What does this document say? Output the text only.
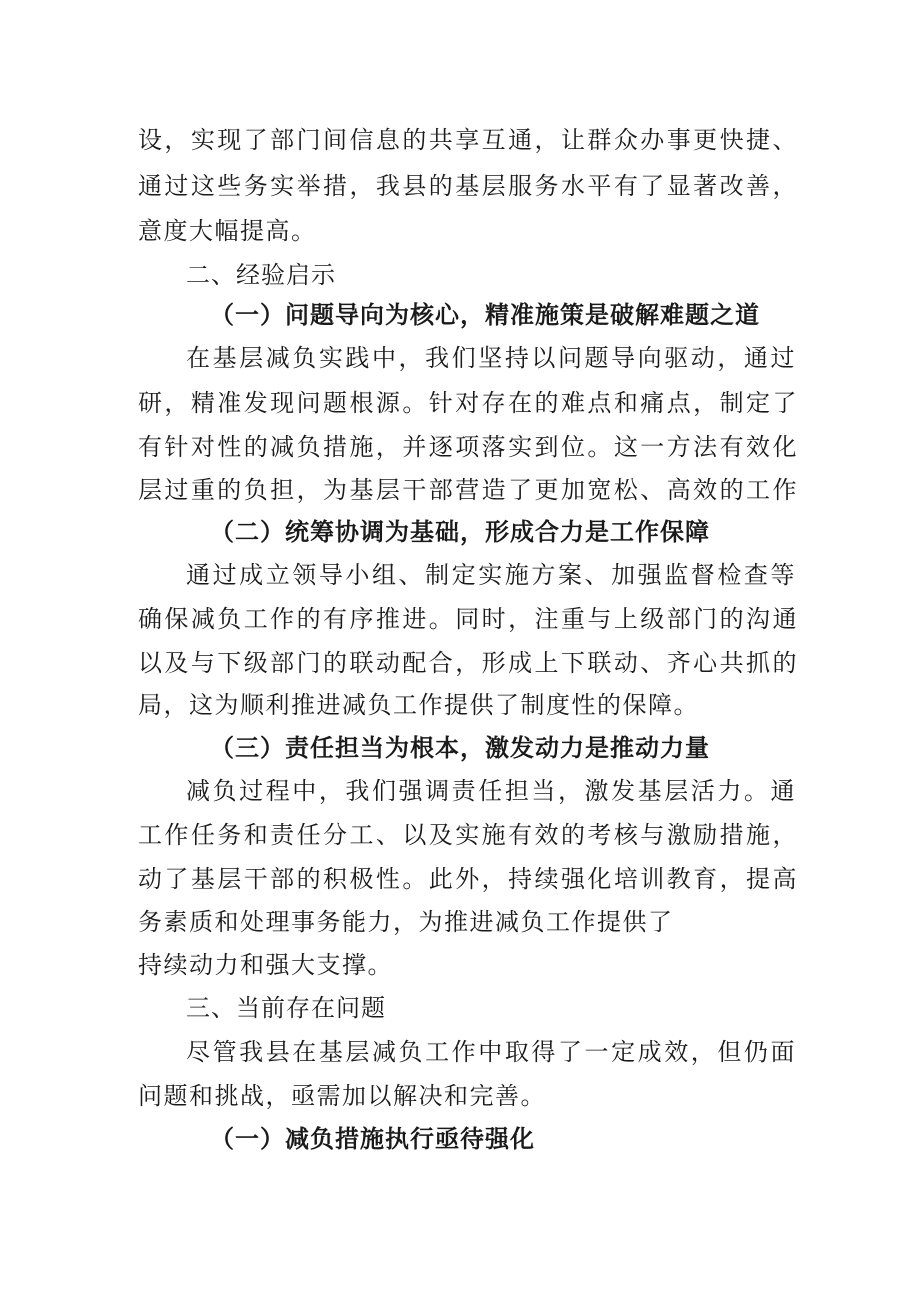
设，实现了部门间信息的共享互通，让群众办事更快捷、
通过这些务实举措，我县的基层服务水平有了显著改善，
意度大幅提高。
二、经验启示
（一）问题导向为核心，精准施策是破解难题之道
在基层减负实践中，我们坚持以问题导向驱动，通过
研，精准发现问题根源。针对存在的难点和痛点，制定了
有针对性的减负措施，并逐项落实到位。这一方法有效化
层过重的负担，为基层干部营造了更加宽松、高效的工作
（二）统筹协调为基础，形成合力是工作保障
通过成立领导小组、制定实施方案、加强监督检查等
确保减负工作的有序推进。同时，注重与上级部门的沟通
以及与下级部门的联动配合，形成上下联动、齐心共抓的
局，这为顺利推进减负工作提供了制度性的保障。
（三）责任担当为根本，激发动力是推动力量
减负过程中，我们强调责任担当，激发基层活力。通
工作任务和责任分工、以及实施有效的考核与激励措施，
动了基层干部的积极性。此外，持续强化培训教育，提高
务素质和处理事务能力，为推进减负工作提供了
持续动力和强大支撑。
三、当前存在问题
尽管我县在基层减负工作中取得了一定成效，但仍面
问题和挑战，亟需加以解决和完善。
（一）减负措施执行亟待强化
